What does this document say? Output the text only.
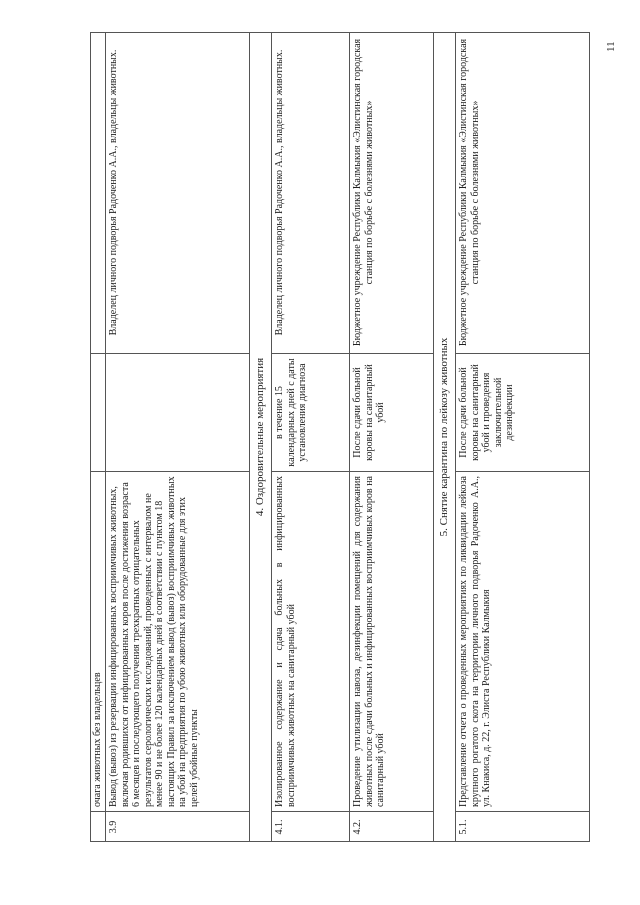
11
очага животных без владельцев
3.9
Вывод (вывоз) из резервации инфицированных восприимчивых животных, включая родившихся от инфицированных коров после достижения возраста 6 месяцев и последующего получения трехкратных отрицательных результатов серологических исследований, проведенных с интервалом не менее 90 и не более 120 календарных дней в соответствии с пунктом 18 настоящих Правил за исключением вывод (вывоз) восприимчивых животных на убой на предприятия по убою животных или оборудованные для этих целей убойные пункты
Владелец личного подворья Радоченко А.А., владельцы животных.
4. Оздоровительные мероприятия
4.1.
Изолированное содержание и сдача больных в инфицированных восприимчивых животных на санитарный убой
в течение 15 календарных дней с даты установления диагноза
Владелец личного подворья Радоченко А.А., владельцы животных.
4.2.
Проведение утилизации навоза, дезинфекции помещений для содержания животных после сдачи больных и инфицированных восприимчивых коров на санитарный убой
После сдачи больной коровы на санитарный убой
Бюджетное учреждение Республики Калмыкия «Элистинская городская станция по борьбе с болезнями животных»
5. Снятие карантина по лейкозу животных
5.1.
Представление отчета о проведенных мероприятиях по ликвидации лейкоза крупного рогатого скота на территории личного подворья Радоченко А.А., ул. Кнакиса, д. 22, г. Элиста Республики Калмыкия
После сдачи больной коровы на санитарный убой и проведения заключительной дезинфекции
Бюджетное учреждение Республики Калмыкия «Элистинская городская станция по борьбе с болезнями животных»
